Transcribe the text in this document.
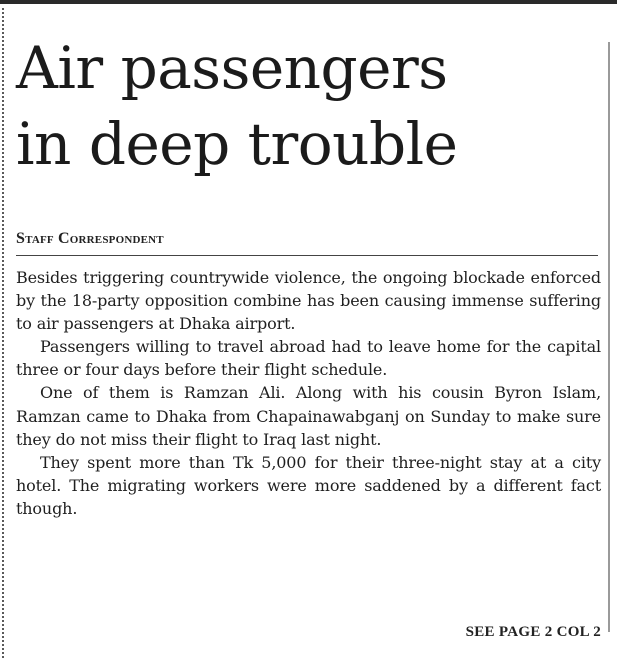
Air passengers
in deep trouble
Staff Correspondent

Besides triggering countrywide violence, the ongoing blockade enforced by the 18-party opposition combine has been causing immense suffering to air passengers at Dhaka airport.

Passengers willing to travel abroad had to leave home for the capital three or four days before their flight schedule.

One of them is Ramzan Ali. Along with his cousin Byron Islam, Ramzan came to Dhaka from Chapainawabganj on Sunday to make sure they do not miss their flight to Iraq last night.

They spent more than Tk 5,000 for their three-night stay at a city hotel. The migrating workers were more saddened by a different fact though.

SEE PAGE 2 COL 2
